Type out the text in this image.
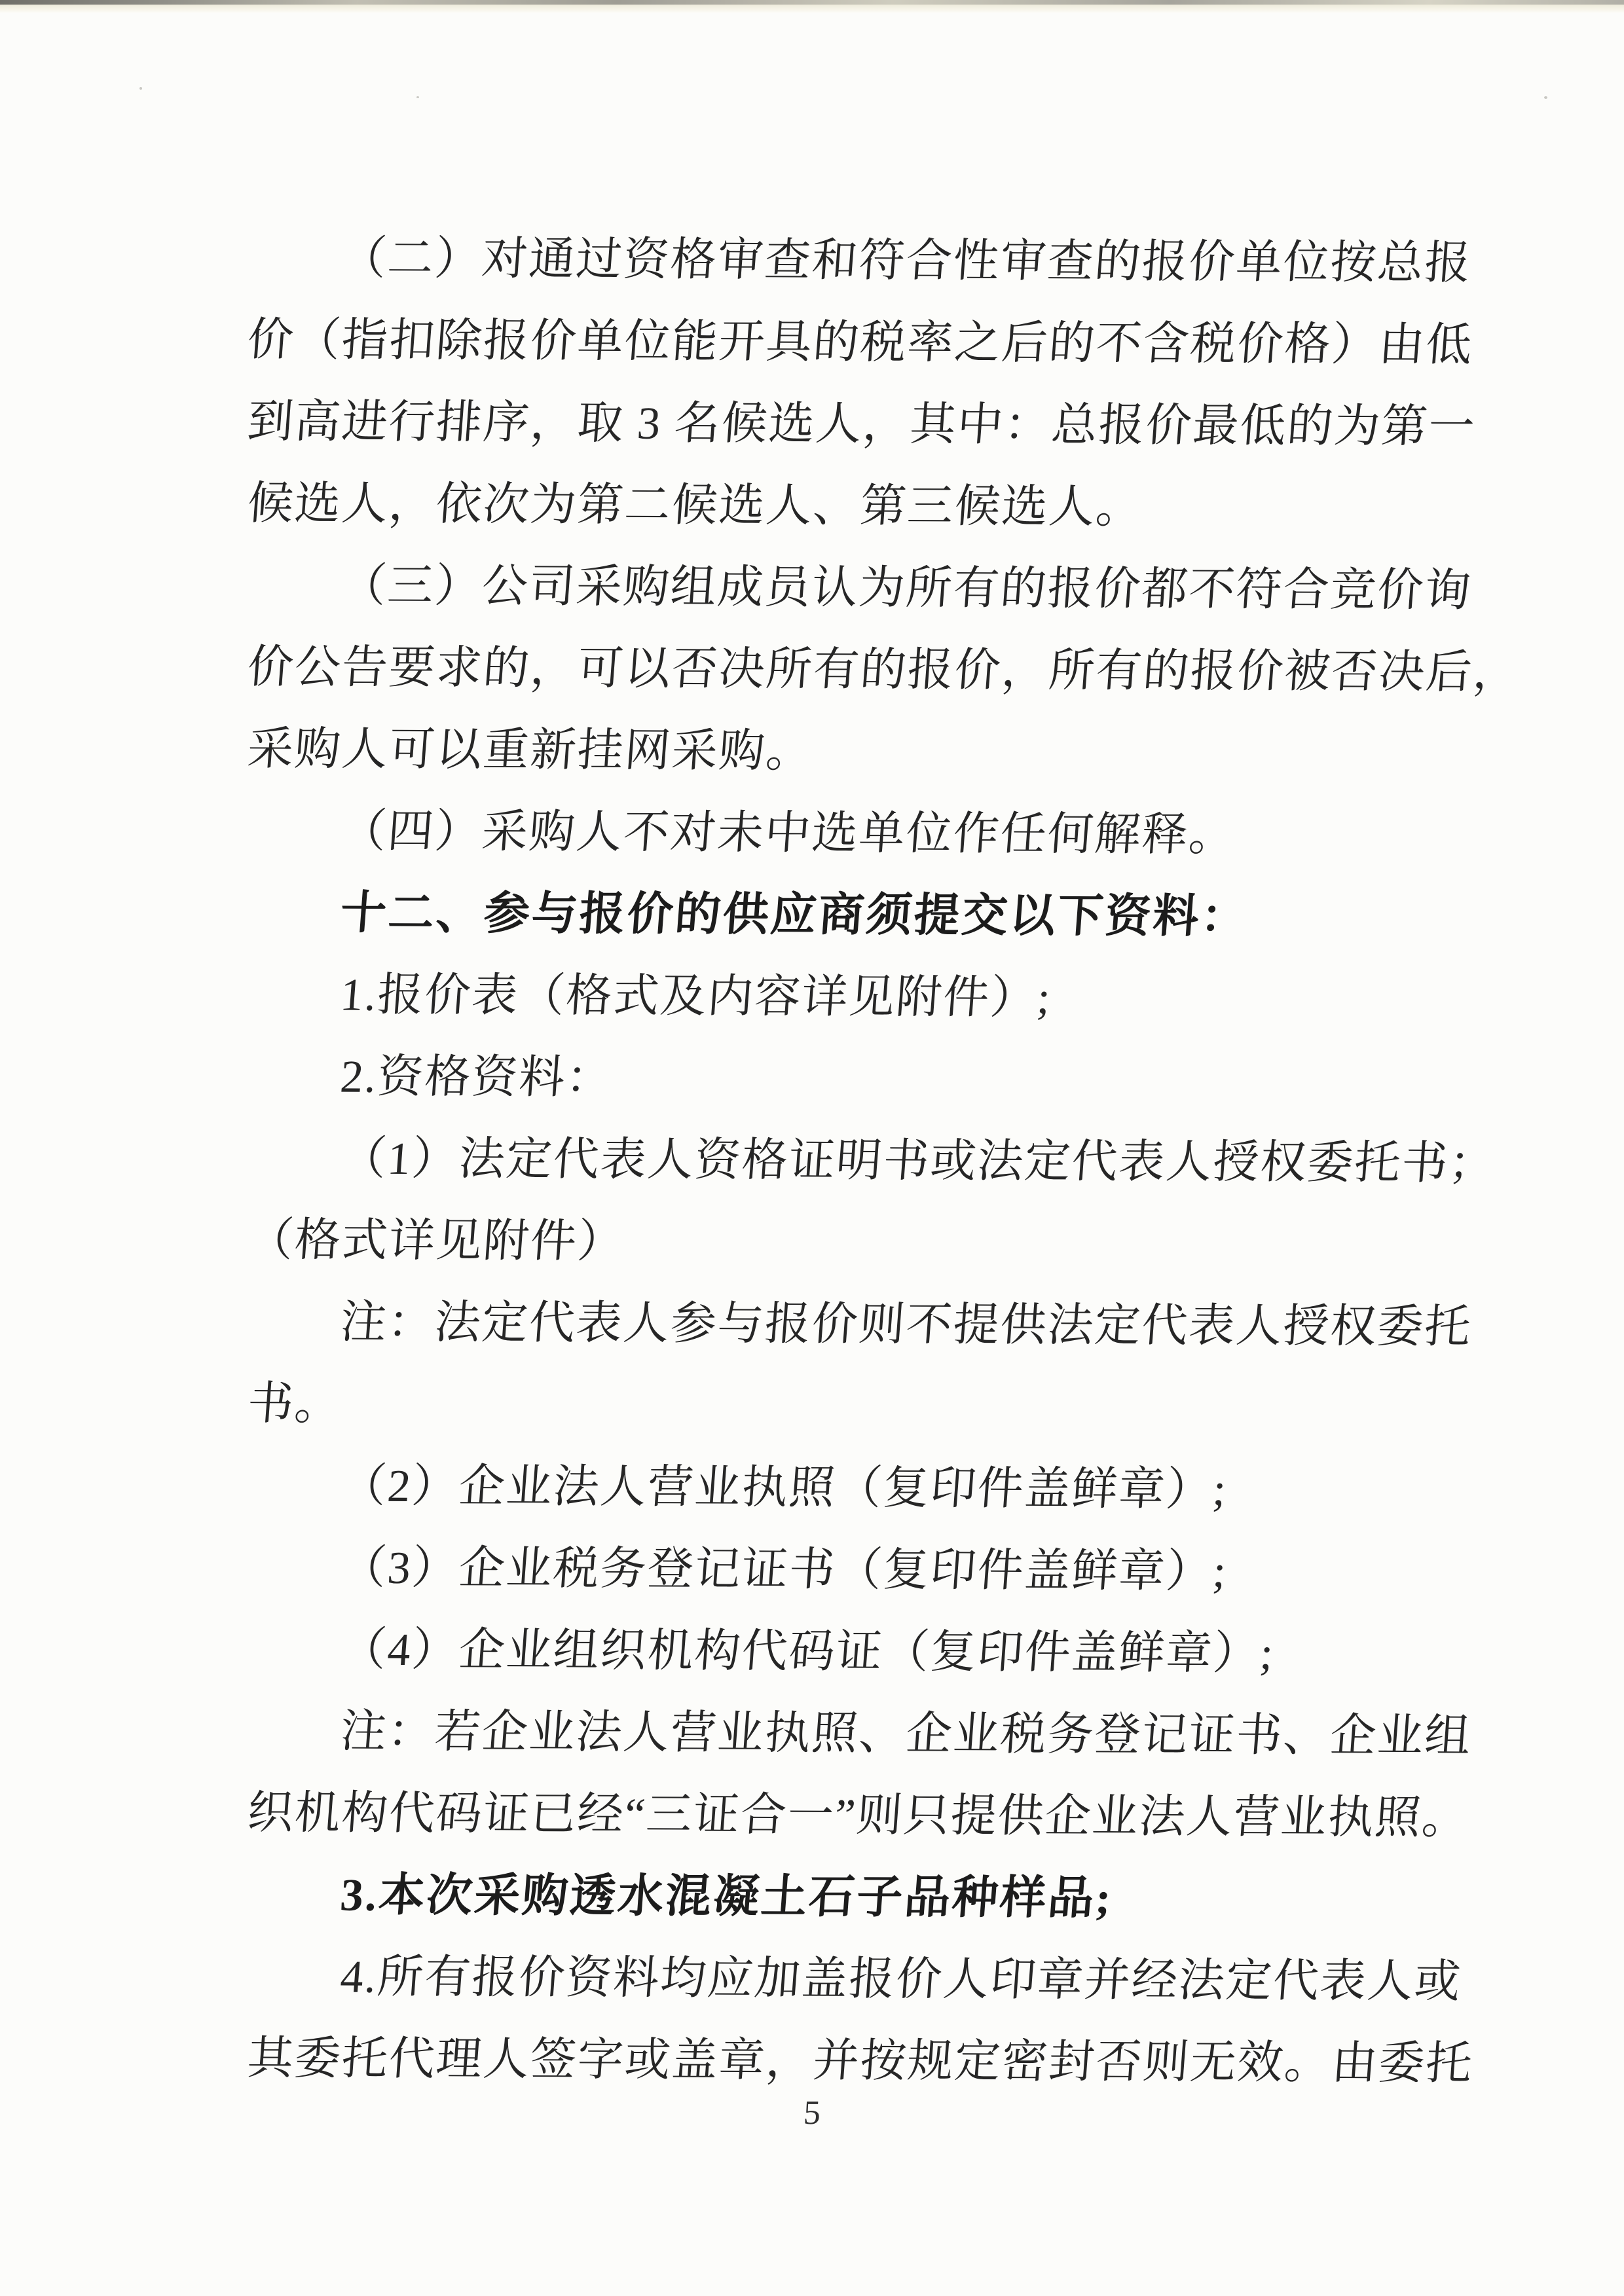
（二）对通过资格审查和符合性审查的报价单位按总报
价（指扣除报价单位能开具的税率之后的不含税价格）由低
到高进行排序，取 3 名候选人，其中：总报价最低的为第一
候选人，依次为第二候选人、第三候选人。
（三）公司采购组成员认为所有的报价都不符合竞价询
价公告要求的，可以否决所有的报价，所有的报价被否决后，
采购人可以重新挂网采购。
（四）采购人不对未中选单位作任何解释。
十二、参与报价的供应商须提交以下资料：
1.报价表（格式及内容详见附件）;
2.资格资料：
（1）法定代表人资格证明书或法定代表人授权委托书；
（格式详见附件）
注：法定代表人参与报价则不提供法定代表人授权委托
书。
（2）企业法人营业执照（复印件盖鲜章）;
（3）企业税务登记证书（复印件盖鲜章）;
（4）企业组织机构代码证（复印件盖鲜章）;
注：若企业法人营业执照、企业税务登记证书、企业组
织机构代码证已经“三证合一”则只提供企业法人营业执照。
3.本次采购透水混凝土石子品种样品;
4.所有报价资料均应加盖报价人印章并经法定代表人或
其委托代理人签字或盖章，并按规定密封否则无效。由委托
5
